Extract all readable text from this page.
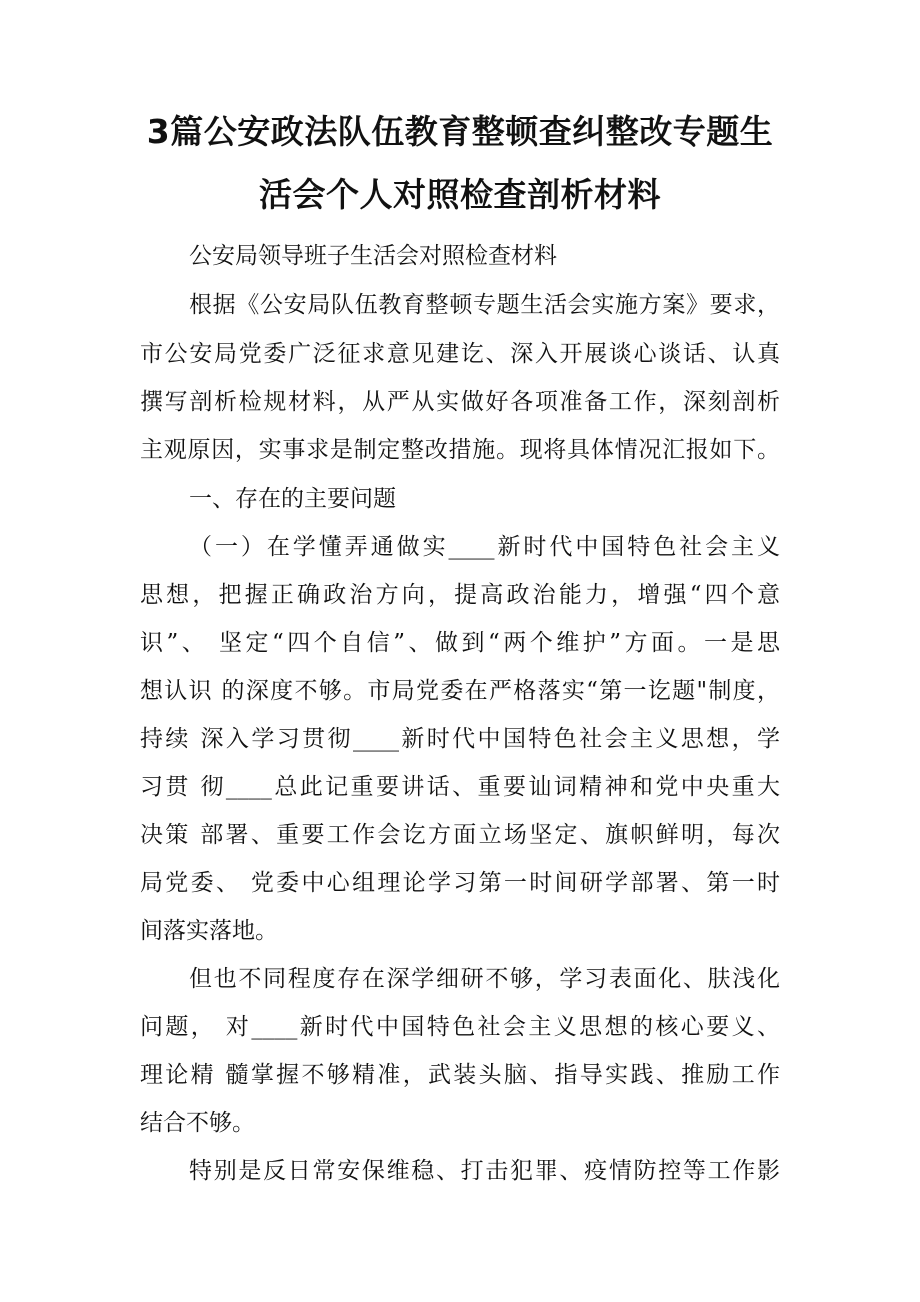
3篇公安政法队伍教育整顿查纠整改专题生
活会个人对照检查剖析材料
公安局领导班子生活会对照检查材料
根据《公安局队伍教育整顿专题生活会实施方案》要求，
市公安局党委广泛征求意见建讫、深入开展谈心谈话、认真
撰写剖析检规材料，从严从实做好各项准备工作，深刻剖析
主观原因，实事求是制定整改措施。现将具体情况汇报如下。
一、存在的主要问题
（一）在学懂弄通做实____新时代中国特色社会主义
思想，把握正确政治方向，提高政治能力，增强“四个意
识”、 坚定“四个自信”、做到“两个维护”方面。一是思
想认识 的深度不够。市局党委在严格落实“第一讫题"制度，
持续 深入学习贯彻____新时代中国特色社会主义思想，学
习贯 彻____总此记重要讲话、重要讪词精神和党中央重大
决策 部署、重要工作会讫方面立场坚定、旗帜鲜明，每次
局党委、 党委中心组理论学习第一时间研学部署、第一时
间落实落地。
但也不同程度存在深学细研不够，学习表面化、肤浅化
问题， 对____新时代中国特色社会主义思想的核心要义、
理论精 髓掌握不够精准，武装头脑、指导实践、推励工作
结合不够。
特别是反日常安保维稳、打击犯罪、疫情防控等工作影
